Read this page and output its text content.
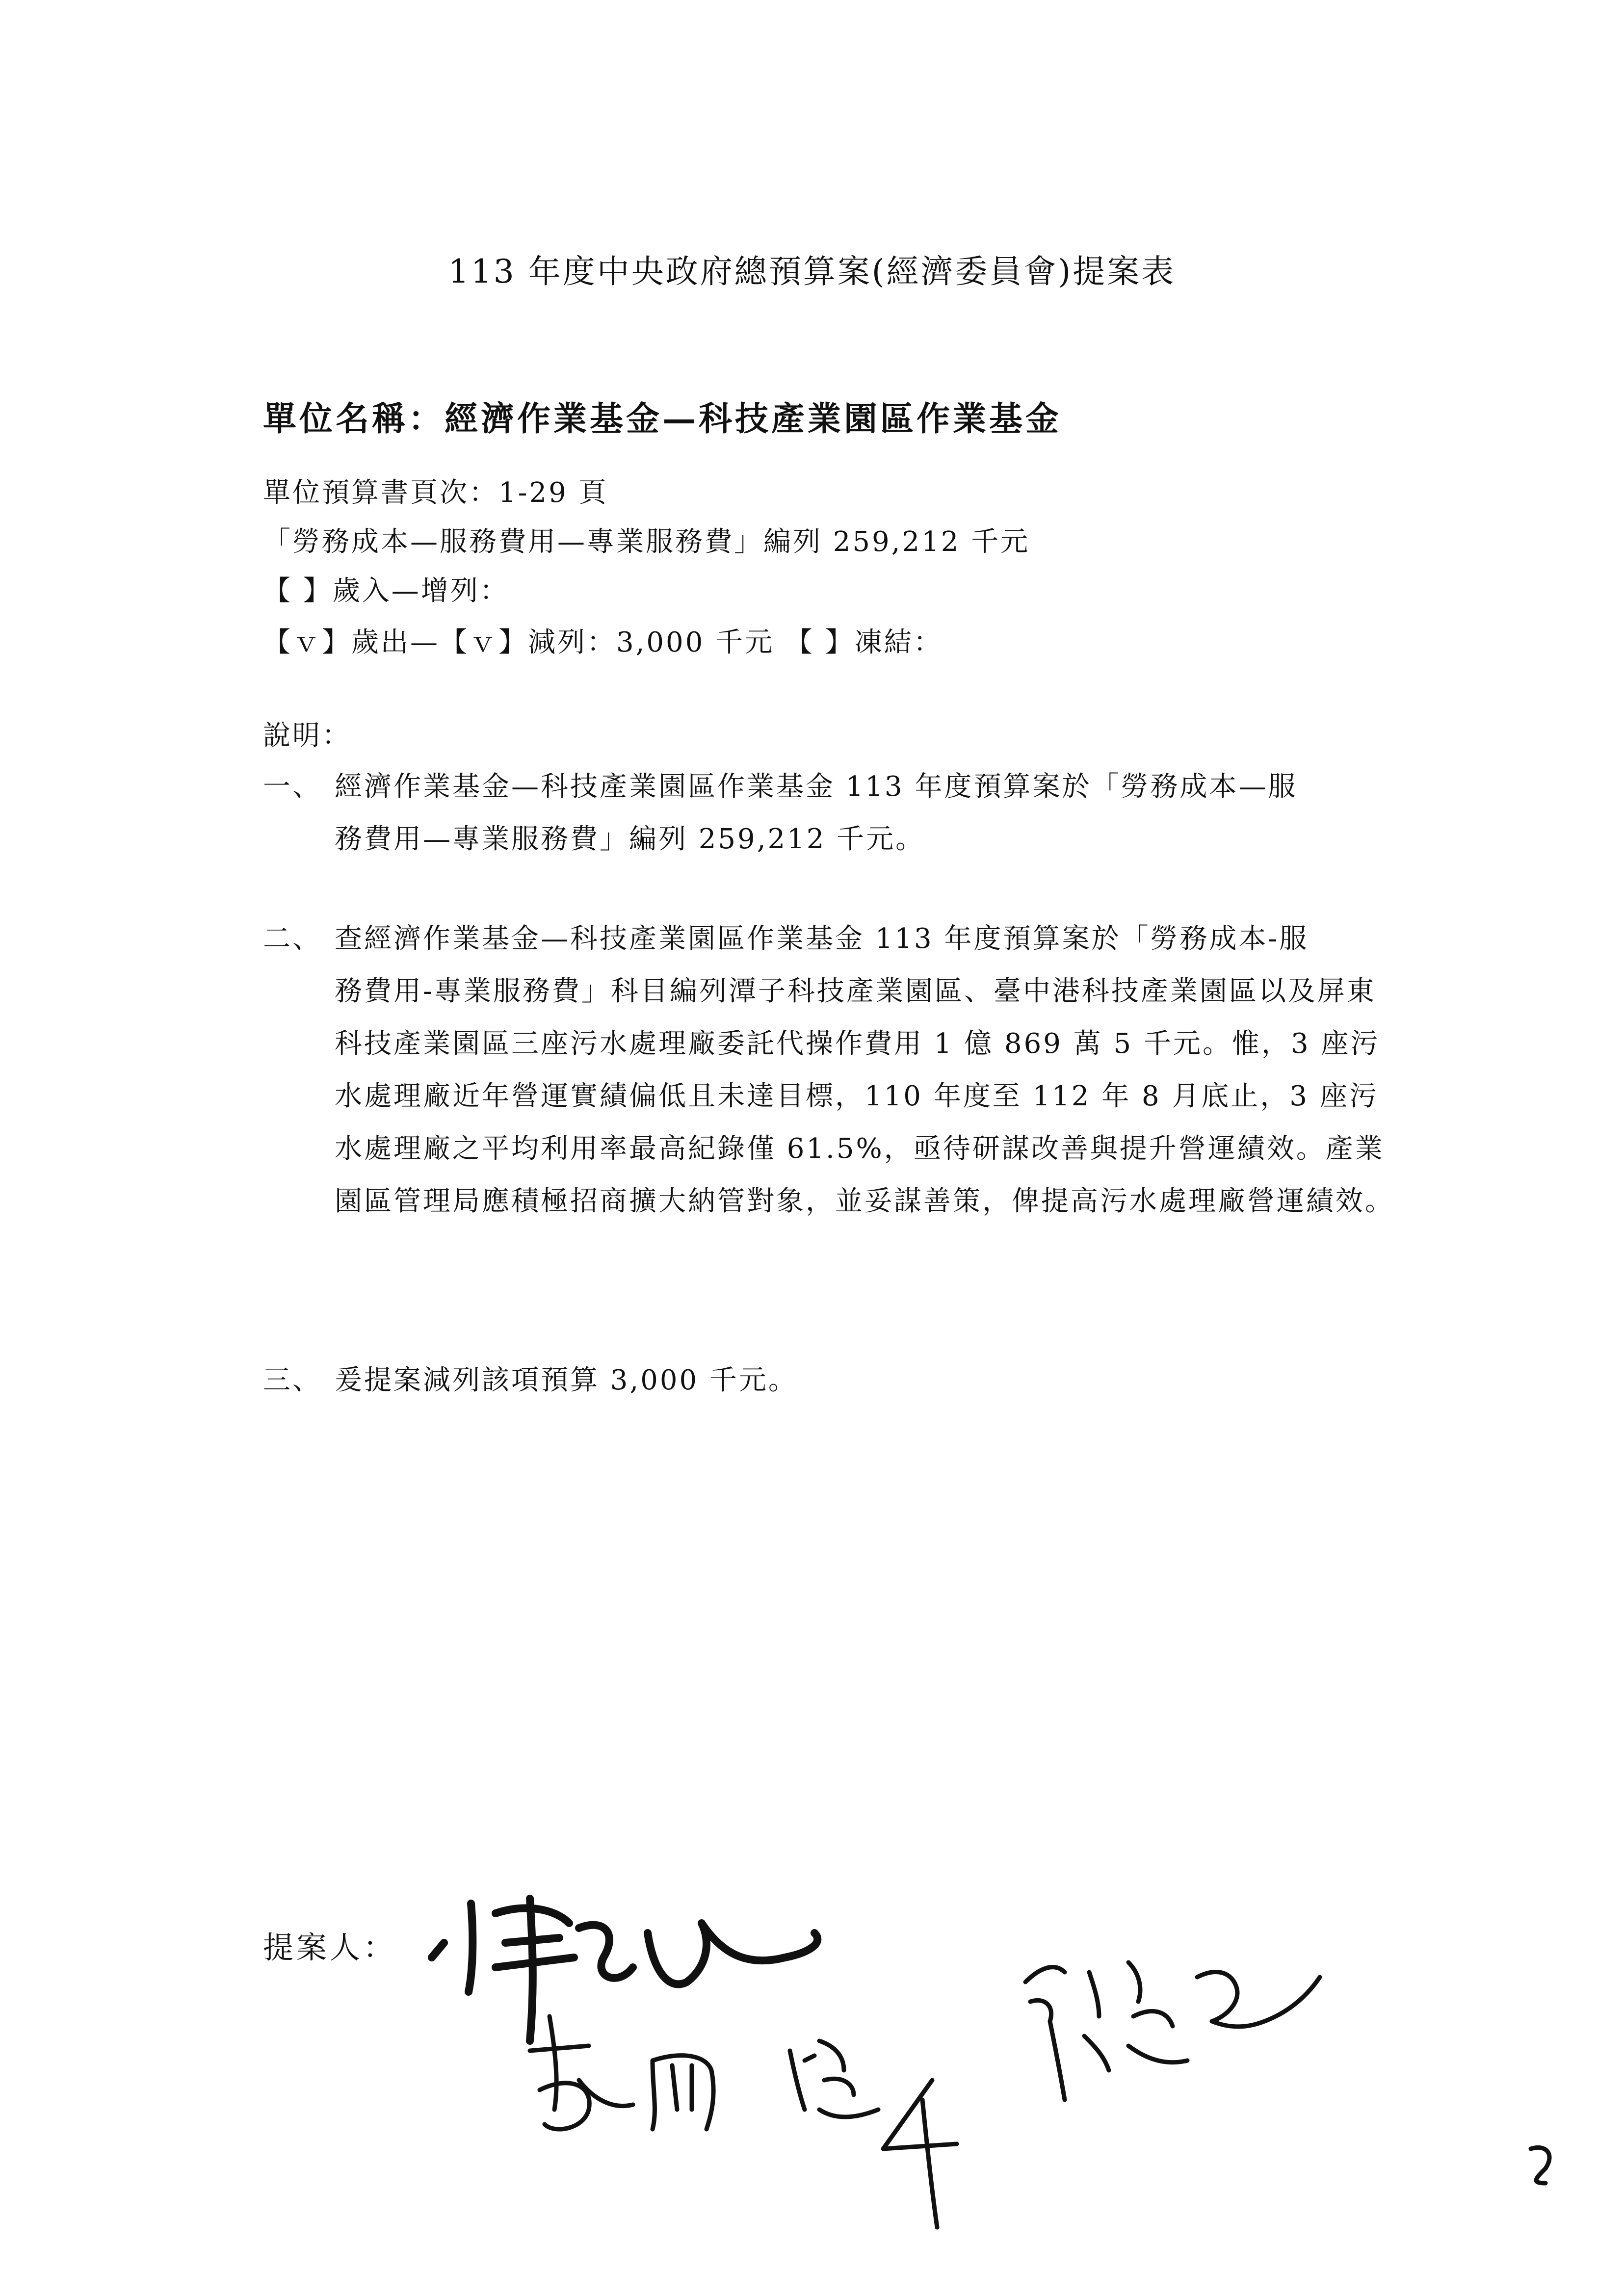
113 年度中央政府總預算案(經濟委員會)提案表
單位名稱：經濟作業基金—科技產業園區作業基金
單位預算書頁次：1-29 頁
「勞務成本—服務費用—專業服務費」編列 259,212 千元
【 】歲入—增列：
【ｖ】歲出—【ｖ】減列：3,000 千元 【 】凍結：
說明：
一、 經濟作業基金—科技產業園區作業基金 113 年度預算案於「勞務成本—服
務費用—專業服務費」編列 259,212 千元。
二、 查經濟作業基金—科技產業園區作業基金 113 年度預算案於「勞務成本-服
務費用-專業服務費」科目編列潭子科技產業園區、臺中港科技產業園區以及屏東科技產業園區三座污水處理廠委託代操作費用 1 億 869 萬 5 千元。惟，3 座污水處理廠近年營運實績偏低且未達目標，110 年度至 112 年 8 月底止，3 座污水處理廠之平均利用率最高紀錄僅 61.5%，亟待研謀改善與提升營運績效。產業園區管理局應積極招商擴大納管對象，並妥謀善策，俾提高污水處理廠營運績效。
三、 爰提案減列該項預算 3,000 千元。
提案人：
